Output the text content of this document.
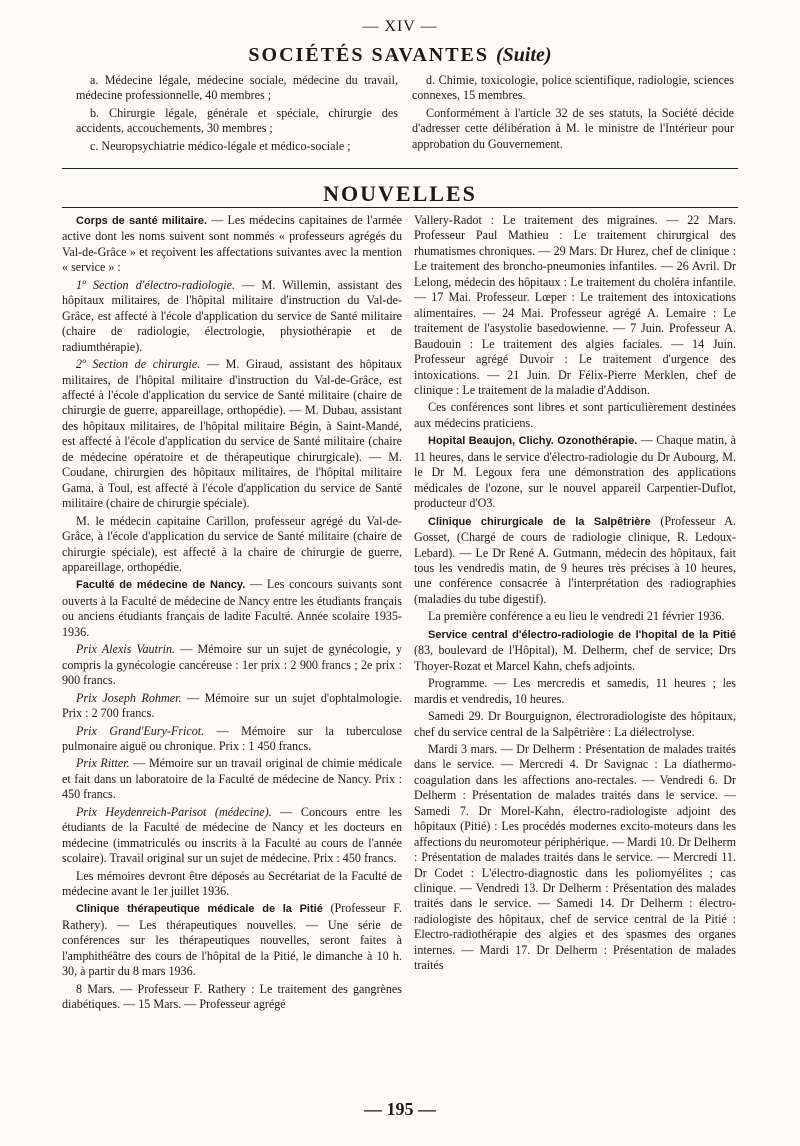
— XIV —
SOCIÉTÉS SAVANTES (Suite)

a. Médecine légale, médecine sociale, médecine du travail, médecine professionnelle, 40 membres ;

b. Chirurgie légale, générale et spéciale, chirurgie des accidents, accouchements, 30 membres ;

c. Neuropsychiatrie médico-légale et médico-sociale ;

d. Chimie, toxicologie, police scientifique, radiologie, sciences connexes, 15 membres.

Conformément à l'article 32 de ses statuts, la Société décide d'adresser cette délibération à M. le ministre de l'Intérieur pour approbation du Gouvernement.

NOUVELLES

Corps de santé militaire. — Les médecins capitaines de l'armée active dont les noms suivent sont nommés « professeurs agrégés du Val-de-Grâce » et reçoivent les affectations suivantes avec la mention « service » :

1º Section d'électro-radiologie. — M. Willemin, assistant des hôpitaux militaires, de l'hôpital militaire d'instruction du Val-de-Grâce, est affecté à l'école d'application du service de Santé militaire (chaire de radiologie, électrologie, physiothérapie et de radiumthérapie).

2º Section de chirurgie. — M. Giraud, assistant des hôpitaux militaires, de l'hôpital militaire d'instruction du Val-de-Grâce, est affecté à l'école d'application du service de Santé militaire (chaire de chirurgie de guerre, appareillage, orthopédie). — M. Dubau, assistant des hôpitaux militaires, de l'hôpital militaire Bégin, à Saint-Mandé, est affecté à l'école d'application du service de Santé militaire (chaire de médecine opératoire et de thérapeutique chirurgicale). — M. Coudane, chirurgien des hôpitaux militaires, de l'hôpital militaire Gama, à Toul, est affecté à l'école d'application du service de Santé militaire (chaire de chirurgie spéciale).

M. le médecin capitaine Carillon, professeur agrégé du Val-de-Grâce, à l'école d'application du service de Santé militaire (chaire de chirurgie spéciale), est affecté à la chaire de chirurgie de guerre, appareillage, orthopédie.

Faculté de médecine de Nancy. — Les concours suivants sont ouverts à la Faculté de médecine de Nancy entre les étudiants français ou anciens étudiants français de ladite Faculté. Année scolaire 1935-1936.

Prix Alexis Vautrin. — Mémoire sur un sujet de gynécologie, y compris la gynécologie cancéreuse : 1er prix : 2 900 francs ; 2e prix : 900 francs.

Prix Joseph Rohmer. — Mémoire sur un sujet d'ophtalmologie. Prix : 2 700 francs.

Prix Grand'Eury-Fricot. — Mémoire sur la tuberculose pulmonaire aiguë ou chronique. Prix : 1 450 francs.

Prix Ritter. — Mémoire sur un travail original de chimie médicale et fait dans un laboratoire de la Faculté de médecine de Nancy. Prix : 450 francs.

Prix Heydenreich-Parisot (médecine). — Concours entre les étudiants de la Faculté de médecine de Nancy et les docteurs en médecine (immatriculés ou inscrits à la Faculté au cours de l'année scolaire). Travail original sur un sujet de médecine. Prix : 450 francs.

Les mémoires devront être déposés au Secrétariat de la Faculté de médecine avant le 1er juillet 1936.

Clinique thérapeutique médicale de la Pitié (Professeur F. Rathery). — Les thérapeutiques nouvelles. — Une série de conférences sur les thérapeutiques nouvelles, seront faites à l'amphithéâtre des cours de l'hôpital de la Pitié, le dimanche à 10 h. 30, à partir du 8 mars 1936.

8 Mars. — Professeur F. Rathery : Le traitement des gangrènes diabétiques. — 15 Mars. — Professeur agrégé

Vallery-Radot : Le traitement des migraines. — 22 Mars. Professeur Paul Mathieu : Le traitement chirurgical des rhumatismes chroniques. — 29 Mars. Dr Hurez, chef de clinique : Le traitement des broncho-pneumonies infantiles. — 26 Avril. Dr Lelong, médecin des hôpitaux : Le traitement du choléra infantile. — 17 Mai. Professeur. Lœper : Le traitement des intoxications alimentaires. — 24 Mai. Professeur agrégé A. Lemaire : Le traitement de l'asystolie basedowienne. — 7 Juin. Professeur A. Baudouin : Le traitement des algies faciales. — 14 Juin. Professeur agrégé Duvoir : Le traitement d'urgence des intoxications. — 21 Juin. Dr Félix-Pierre Merklen, chef de clinique : Le traitement de la maladie d'Addison.

Ces conférences sont libres et sont particulièrement destinées aux médecins praticiens.

Hopital Beaujon, Clichy. Ozonothérapie. — Chaque matin, à 11 heures, dans le service d'électro-radiologie du Dr Aubourg, M. le Dr M. Legoux fera une démonstration des applications médicales de l'ozone, sur le nouvel appareil Carpentier-Duflot, producteur d'O3.

Clinique chirurgicale de la Salpêtrière (Professeur A. Gosset, (Chargé de cours de radiologie clinique, R. Ledoux-Lebard). — Le Dr René A. Gutmann, médecin des hôpitaux, fait tous les vendredis matin, de 9 heures très précises à 10 heures, une conférence consacrée à l'interprétation des radiographies (maladies du tube digestif).

La première conférence a eu lieu le vendredi 21 février 1936.

Service central d'électro-radiologie de l'hopital de la Pitié (83, boulevard de l'Hôpital), M. Delherm, chef de service; Drs Thoyer-Rozat et Marcel Kahn, chefs adjoints.

Programme. — Les mercredis et samedis, 11 heures ; les mardis et vendredis, 10 heures.

Samedi 29. Dr Bourguignon, électroradiologiste des hôpitaux, chef du service central de la Salpêtrière : La diélectrolyse.

Mardi 3 mars. — Dr Delherm : Présentation de malades traités dans le service. — Mercredi 4. Dr Savignac : La diathermo-coagulation dans les affections ano-rectales. — Vendredi 6. Dr Delherm : Présentation de malades traités dans le service. — Samedi 7. Dr Morel-Kahn, électro-radiologiste adjoint des hôpitaux (Pitié) : Les procédés modernes excito-moteurs dans les affections du neuromoteur périphérique. — Mardi 10. Dr Delherm : Présentation de malades traités dans le service. — Mercredi 11. Dr Codet : L'électro-diagnostic dans les poliomyélites ; cas clinique. — Vendredi 13. Dr Delherm : Présentation des malades traités dans le service. — Samedi 14. Dr Delherm : électro-radiologiste des hôpitaux, chef de service central de la Pitié : Electro-radiothérapie des algies et des spasmes des organes internes. — Mardi 17. Dr Delherm : Présentation de malades traités

— 195 —
